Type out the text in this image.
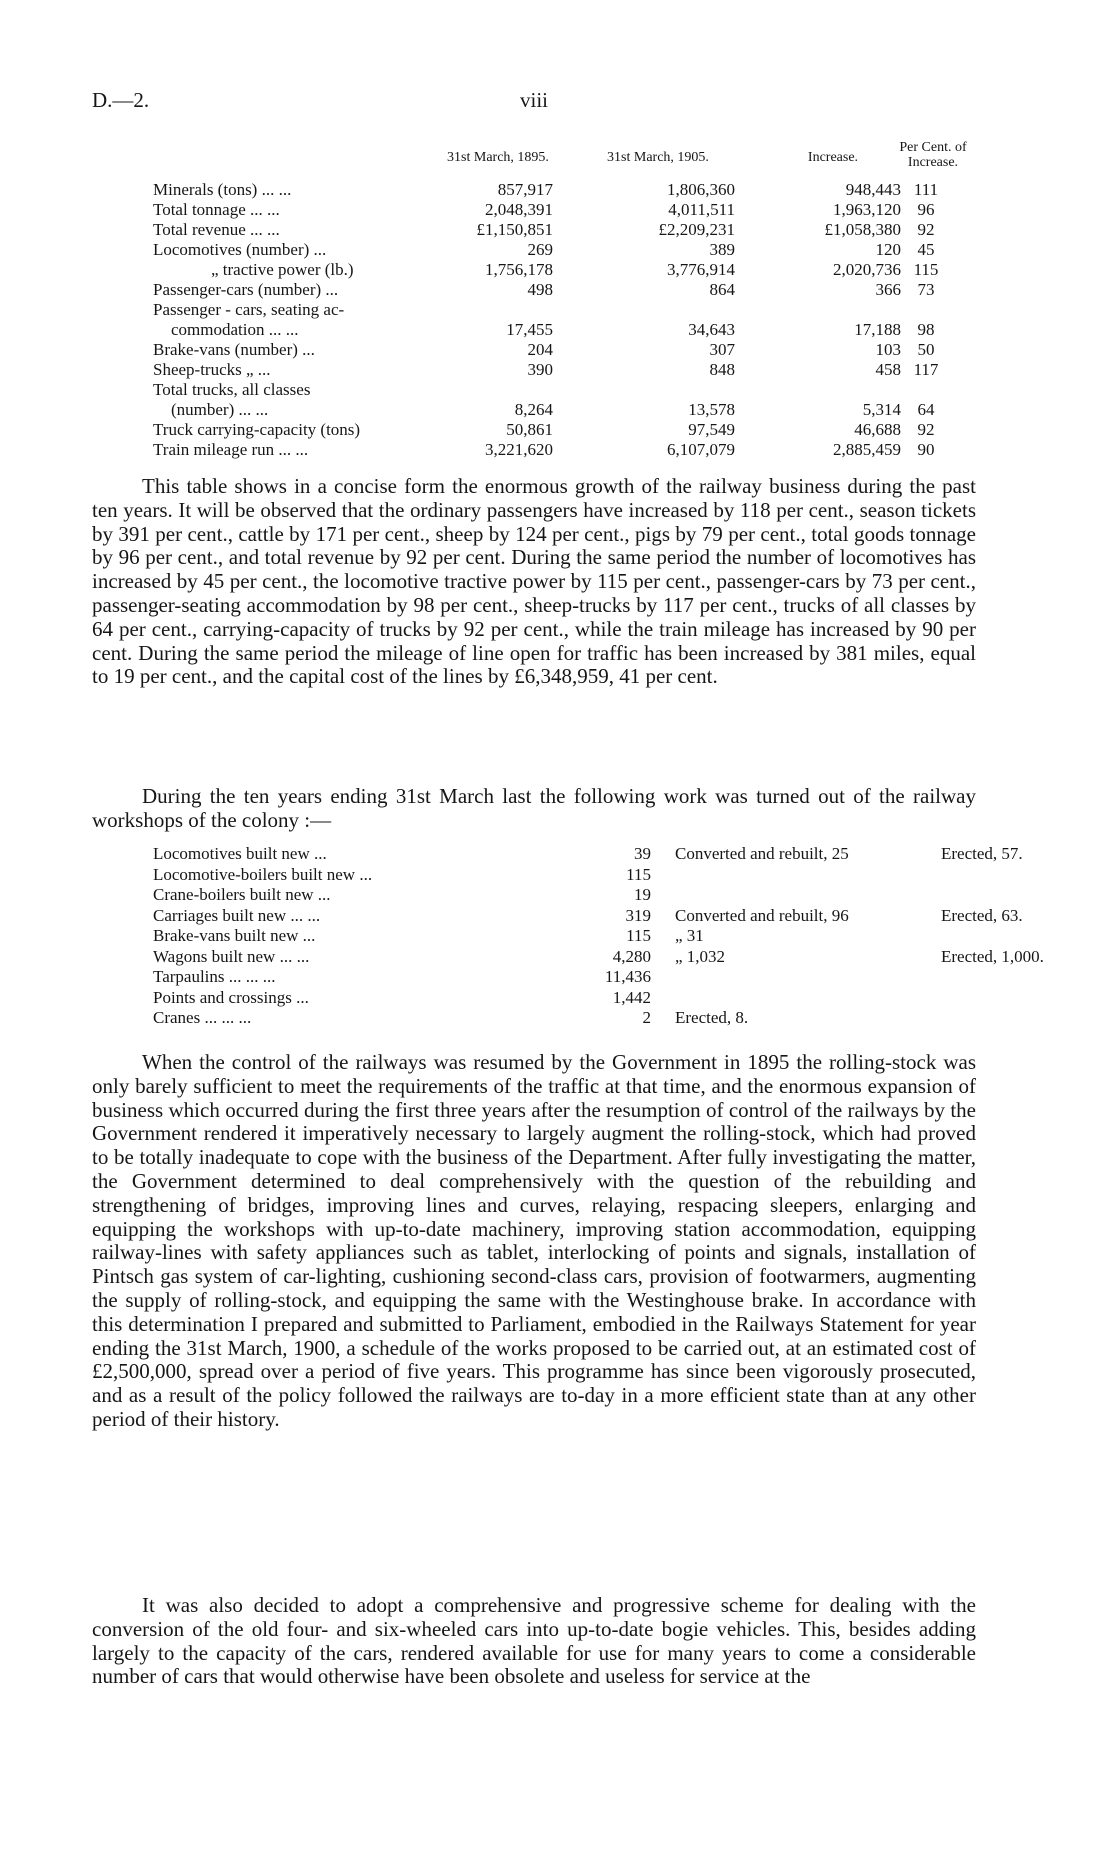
D.—2.	viii
31st March, 1895.	31st March, 1905.	Increase.
Per Cent. of Increase.
Minerals (tons) ... ...	857,917	1,806,360	948,443 111
Total tonnage ... ...	2,048,391	4,011,511	1,963,120 96
Total revenue ... ...	£1,150,851	£2,209,231	£1,058,380 92
Locomotives (number) ...	269	389	120 45
„ tractive power (lb.)	1,756,178	3,776,914	2,020,736 115
Passenger-cars (number) ...	498	864	366 73
Passenger - cars, seating ac-
commodation ... ...	17,455	34,643	17,188 98
Brake-vans (number) ...	204	307	103 50
Sheep-trucks „ ...	390	848	458 117
Total trucks, all classes
(number) ... ...	8,264	13,578	5,314 64
Truck carrying-capacity (tons)	50,861	97,549	46,688 92
Train mileage run ... ...	3,221,620	6,107,079	2,885,459 90

This table shows in a concise form the enormous growth of the railway business during the past ten years. It will be observed that the ordinary passengers have increased by 118 per cent., season tickets by 391 per cent., cattle by 171 per cent., sheep by 124 per cent., pigs by 79 per cent., total goods tonnage by 96 per cent., and total revenue by 92 per cent. During the same period the number of locomotives has increased by 45 per cent., the locomotive tractive power by 115 per cent., passenger-cars by 73 per cent., passenger-seating accommodation by 98 per cent., sheep-trucks by 117 per cent., trucks of all classes by 64 per cent., carrying-capacity of trucks by 92 per cent., while the train mileage has increased by 90 per cent. During the same period the mileage of line open for traffic has been increased by 381 miles, equal to 19 per cent., and the capital cost of the lines by £6,348,959, 41 per cent.

During the ten years ending 31st March last the following work was turned out of the railway workshops of the colony :—

Locomotives built new ...	39 Converted and rebuilt, 25	Erected, 57.
Locomotive-boilers built new ...	115
Crane-boilers built new ...	19
Carriages built new ... ...	319 Converted and rebuilt, 96	Erected, 63.
Brake-vans built new ...	115 „ 31
Wagons built new ... ...	4,280 „ 1,032	Erected, 1,000.
Tarpaulins ... ... ...	11,436
Points and crossings ...	1,442
Cranes ... ... ...	2 Erected, 8.

When the control of the railways was resumed by the Government in 1895 the rolling-stock was only barely sufficient to meet the requirements of the traffic at that time, and the enormous expansion of business which occurred during the first three years after the resumption of control of the railways by the Government rendered it imperatively necessary to largely augment the rolling-stock, which had proved to be totally inadequate to cope with the business of the Department. After fully investigating the matter, the Government determined to deal comprehensively with the question of the rebuilding and strengthening of bridges, improving lines and curves, relaying, respacing sleepers, enlarging and equipping the workshops with up-to-date machinery, improving station accommodation, equipping railway-lines with safety appliances such as tablet, interlocking of points and signals, installation of Pintsch gas system of car-lighting, cushioning second-class cars, provision of footwarmers, augmenting the supply of rolling-stock, and equipping the same with the Westinghouse brake. In accordance with this determination I prepared and submitted to Parliament, embodied in the Railways Statement for year ending the 31st March, 1900, a schedule of the works proposed to be carried out, at an estimated cost of £2,500,000, spread over a period of five years. This programme has since been vigorously prosecuted, and as a result of the policy followed the railways are to-day in a more efficient state than at any other period of their history.

It was also decided to adopt a comprehensive and progressive scheme for dealing with the conversion of the old four- and six-wheeled cars into up-to-date bogie vehicles. This, besides adding largely to the capacity of the cars, rendered available for use for many years to come a considerable number of cars that would otherwise have been obsolete and useless for service at the
